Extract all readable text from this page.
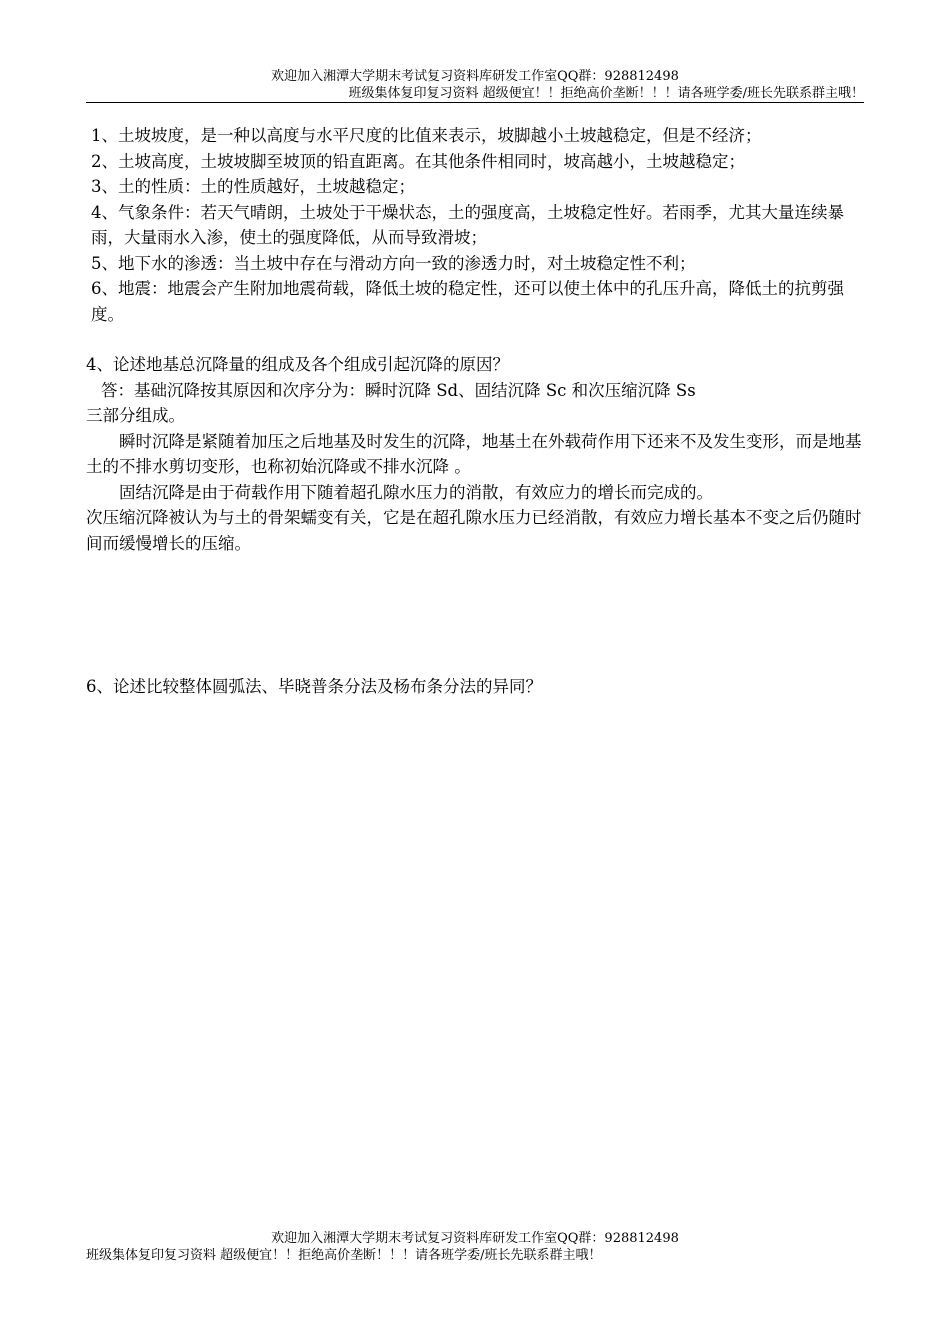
欢迎加入湘潭大学期末考试复习资料库研发工作室QQ群：928812498
班级集体复印复习资料 超级便宜！！拒绝高价垄断！！！请各班学委/班长先联系群主哦！

1、土坡坡度，是一种以高度与水平尺度的比值来表示，坡脚越小土坡越稳定，但是不经济；

2、土坡高度，土坡坡脚至坡顶的铅直距离。在其他条件相同时，坡高越小，土坡越稳定；

3、土的性质：土的性质越好，土坡越稳定；

4、气象条件：若天气晴朗，土坡处于干燥状态，土的强度高，土坡稳定性好。若雨季，尤其大量连续暴雨，大量雨水入渗，使土的强度降低，从而导致滑坡；

5、地下水的渗透：当土坡中存在与滑动方向一致的渗透力时，对土坡稳定性不利；

6、地震：地震会产生附加地震荷载，降低土坡的稳定性，还可以使土体中的孔压升高，降低土的抗剪强度。

4、论述地基总沉降量的组成及各个组成引起沉降的原因？

答：基础沉降按其原因和次序分为：瞬时沉降 Sd、固结沉降 Sc 和次压缩沉降 Ss

三部分组成。

瞬时沉降是紧随着加压之后地基及时发生的沉降，地基土在外载荷作用下还来不及发生变形，而是地基土的不排水剪切变形，也称初始沉降或不排水沉降 。

固结沉降是由于荷载作用下随着超孔隙水压力的消散，有效应力的增长而完成的。

次压缩沉降被认为与土的骨架蠕变有关，它是在超孔隙水压力已经消散，有效应力增长基本不变之后仍随时间而缓慢增长的压缩。

6、论述比较整体圆弧法、毕晓普条分法及杨布条分法的异同？
欢迎加入湘潭大学期末考试复习资料库研发工作室QQ群：928812498
班级集体复印复习资料 超级便宜！！拒绝高价垄断！！！请各班学委/班长先联系群主哦！
